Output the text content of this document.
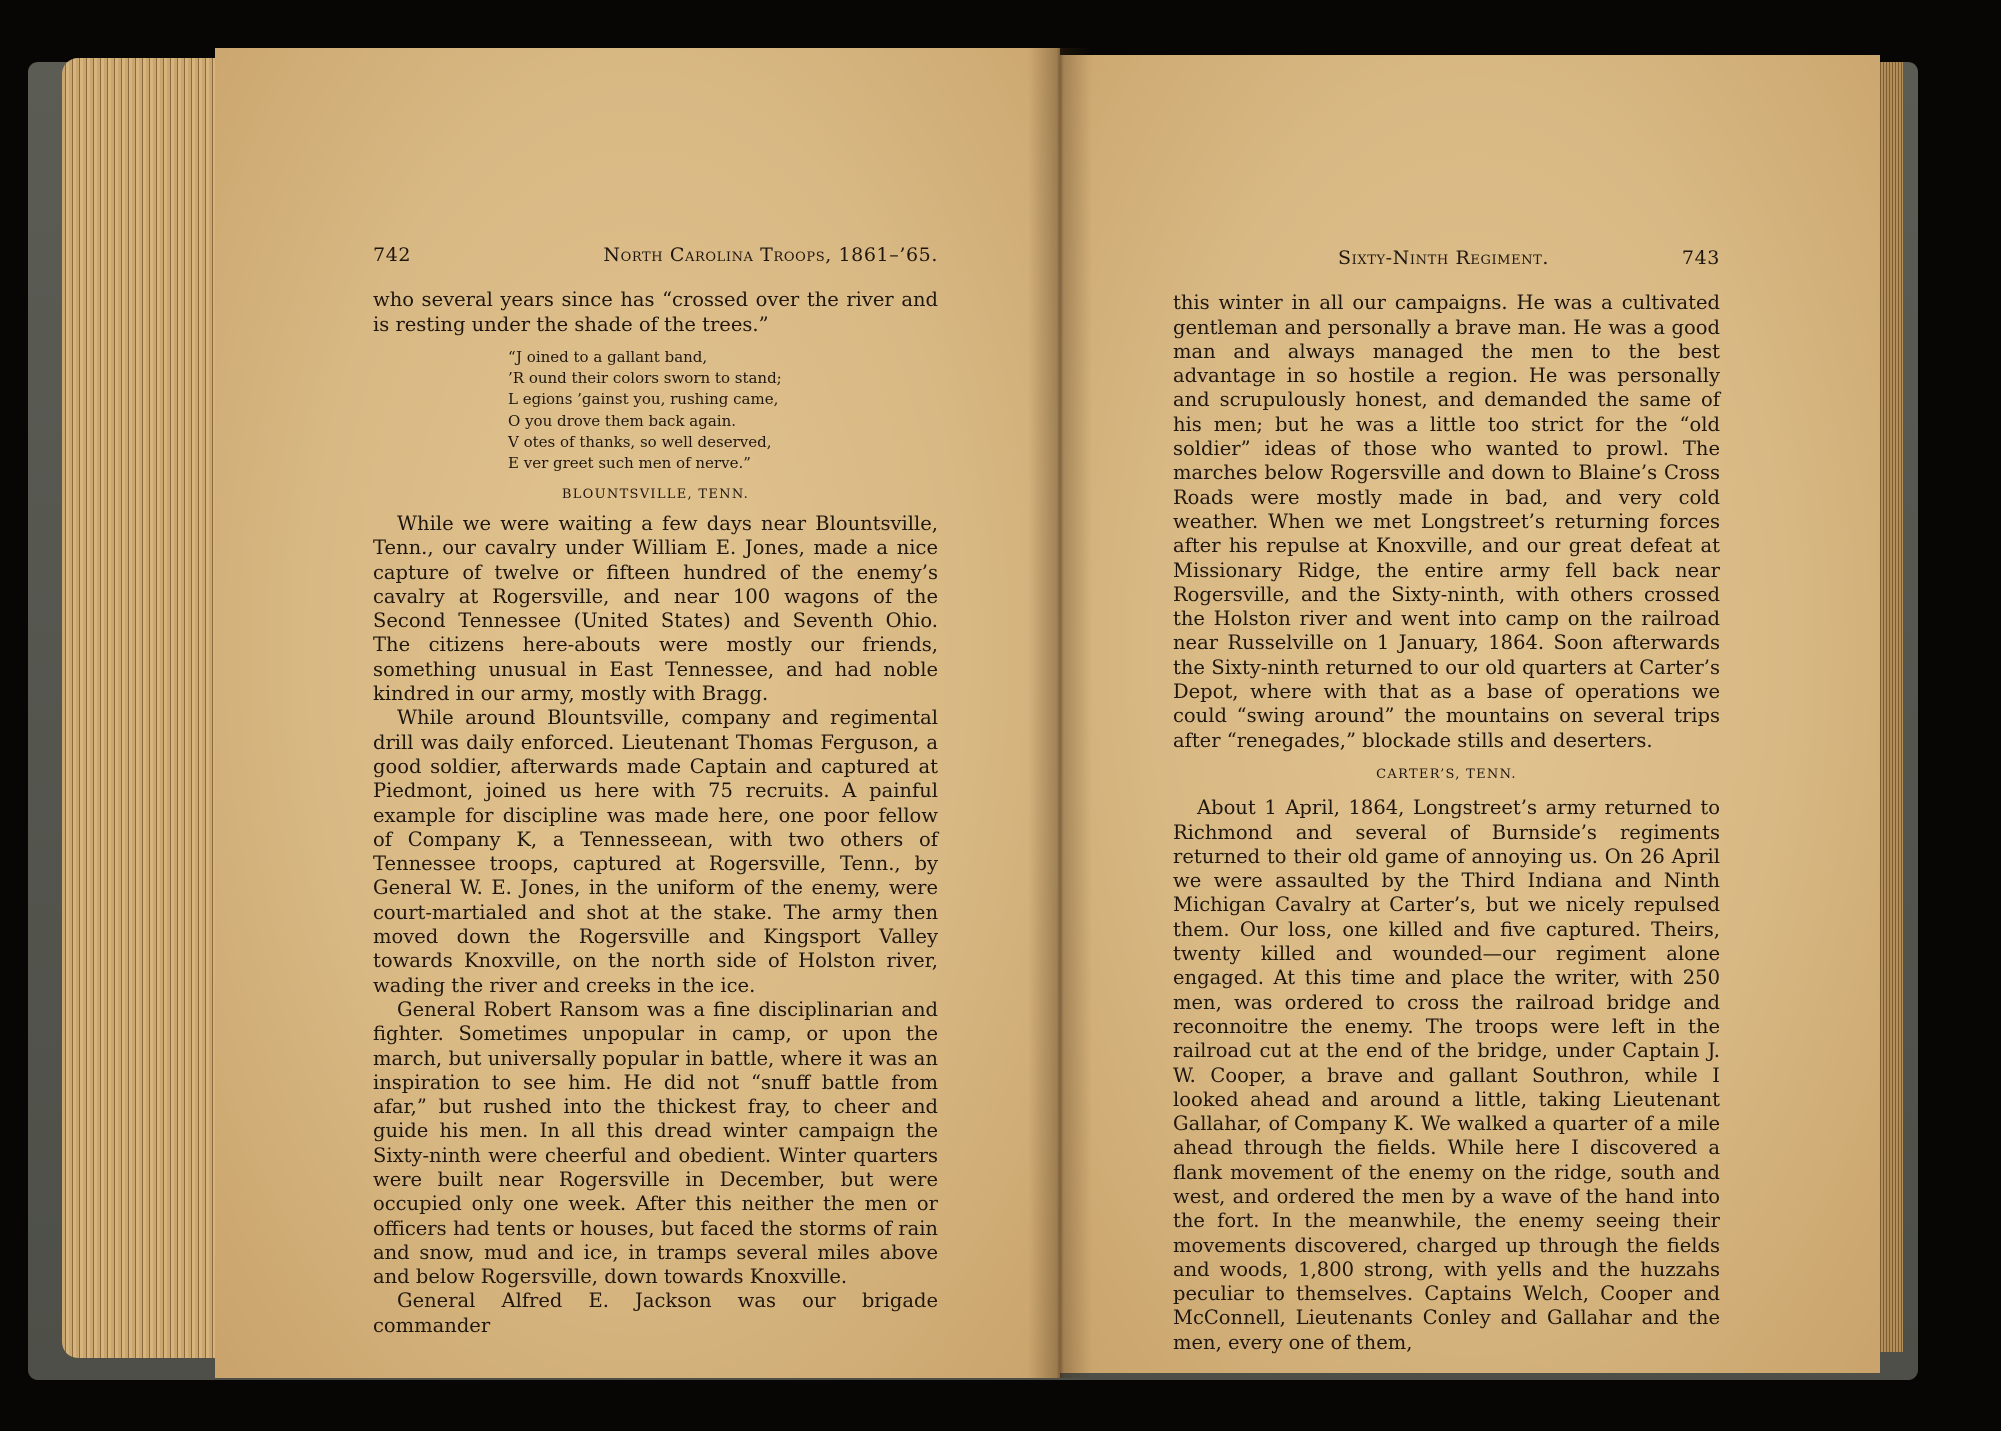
742	North Carolina Troops, 1861–’65.

who several years since has “crossed over the river and is resting under the shade of the trees.”

“J oined to a gallant band,
’R ound their colors sworn to stand;
L egions ’gainst you, rushing came,
O you drove them back again.
V otes of thanks, so well deserved,
E ver greet such men of nerve.”
BLOUNTSVILLE, TENN.

While we were waiting a few days near Blountsville, Tenn., our cavalry under William E. Jones, made a nice capture of twelve or fifteen hundred of the enemy’s cavalry at Rogersville, and near 100 wagons of the Second Tennessee (United States) and Seventh Ohio. The citizens here-abouts were mostly our friends, something unusual in East Tennessee, and had noble kindred in our army, mostly with Bragg.

While around Blountsville, company and regimental drill was daily enforced. Lieutenant Thomas Ferguson, a good soldier, afterwards made Captain and captured at Piedmont, joined us here with 75 recruits. A painful example for discipline was made here, one poor fellow of Company K, a Tennesseean, with two others of Tennessee troops, captured at Rogersville, Tenn., by General W. E. Jones, in the uniform of the enemy, were court-martialed and shot at the stake. The army then moved down the Rogersville and Kingsport Valley towards Knoxville, on the north side of Holston river, wading the river and creeks in the ice.

General Robert Ransom was a fine disciplinarian and fighter. Sometimes unpopular in camp, or upon the march, but universally popular in battle, where it was an inspiration to see him. He did not “snuff battle from afar,” but rushed into the thickest fray, to cheer and guide his men. In all this dread winter campaign the Sixty-ninth were cheerful and obedient. Winter quarters were built near Rogersville in December, but were occupied only one week. After this neither the men or officers had tents or houses, but faced the storms of rain and snow, mud and ice, in tramps several miles above and below Rogersville, down towards Knoxville.

General Alfred E. Jackson was our brigade commander

Sixty-Ninth Regiment.	743

this winter in all our campaigns. He was a cultivated gentleman and personally a brave man. He was a good man and always managed the men to the best advantage in so hostile a region. He was personally and scrupulously honest, and demanded the same of his men; but he was a little too strict for the “old soldier” ideas of those who wanted to prowl. The marches below Rogersville and down to Blaine’s Cross Roads were mostly made in bad, and very cold weather. When we met Longstreet’s returning forces after his repulse at Knoxville, and our great defeat at Missionary Ridge, the entire army fell back near Rogersville, and the Sixty-ninth, with others crossed the Holston river and went into camp on the railroad near Russelville on 1 January, 1864. Soon afterwards the Sixty-ninth returned to our old quarters at Carter’s Depot, where with that as a base of operations we could “swing around” the mountains on several trips after “renegades,” blockade stills and deserters.

CARTER’S, TENN.

About 1 April, 1864, Longstreet’s army returned to Richmond and several of Burnside’s regiments returned to their old game of annoying us. On 26 April we were assaulted by the Third Indiana and Ninth Michigan Cavalry at Carter’s, but we nicely repulsed them. Our loss, one killed and five captured. Theirs, twenty killed and wounded—our regiment alone engaged. At this time and place the writer, with 250 men, was ordered to cross the railroad bridge and reconnoitre the enemy. The troops were left in the railroad cut at the end of the bridge, under Captain J. W. Cooper, a brave and gallant Southron, while I looked ahead and around a little, taking Lieutenant Gallahar, of Company K. We walked a quarter of a mile ahead through the fields. While here I discovered a flank movement of the enemy on the ridge, south and west, and ordered the men by a wave of the hand into the fort. In the meanwhile, the enemy seeing their movements discovered, charged up through the fields and woods, 1,800 strong, with yells and the huzzahs peculiar to themselves. Captains Welch, Cooper and McConnell, Lieutenants Conley and Gallahar and the men, every one of them,
